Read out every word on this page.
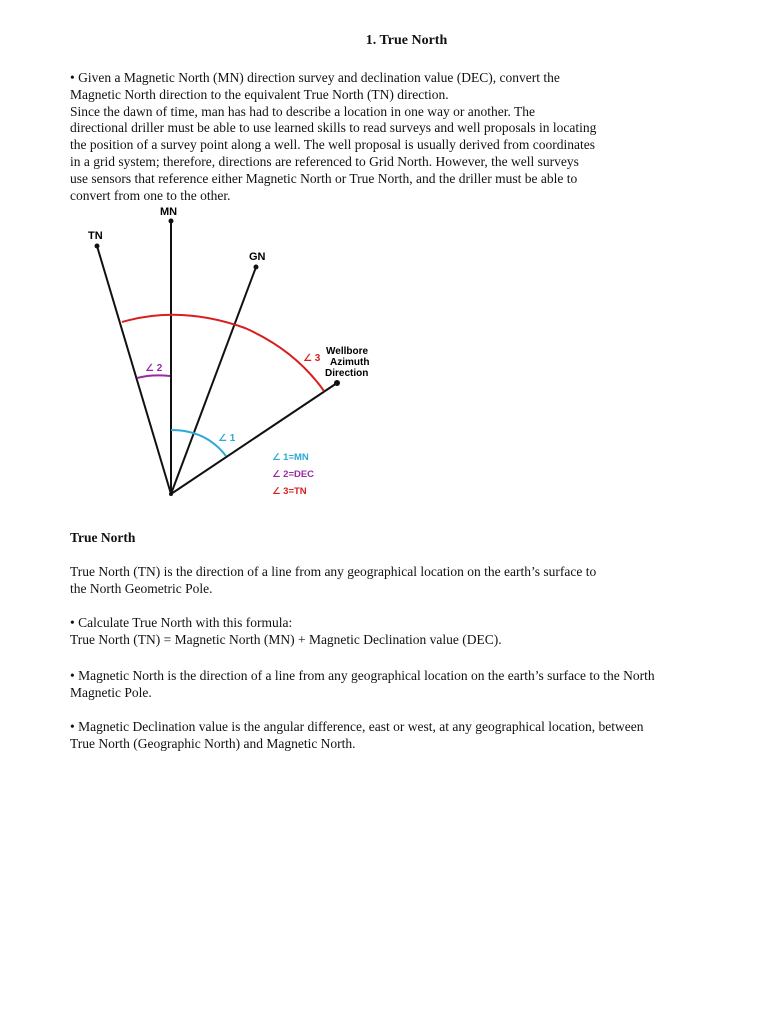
1. True North
• Given a Magnetic North (MN) direction survey and declination value (DEC), convert the
Magnetic North direction to the equivalent True North (TN) direction.
Since the dawn of time, man has had to describe a location in one way or another. The
directional driller must be able to use learned skills to read surveys and well proposals in locating
the position of a survey point along a well. The well proposal is usually derived from coordinates
in a grid system; therefore, directions are referenced to Grid North. However, the well surveys
use sensors that reference either Magnetic North or True North, and the driller must be able to
convert from one to the other.
MN
TN
GN
Wellbore
Azimuth
Direction
∠ 3
∠ 2
∠ 1
∠ 1=MN
∠ 2=DEC
∠ 3=TN
True North
True North (TN) is the direction of a line from any geographical location on the earth’s surface to
the North Geometric Pole.
• Calculate True North with this formula:
True North (TN) = Magnetic North (MN) + Magnetic Declination value (DEC).
• Magnetic North is the direction of a line from any geographical location on the earth’s surface to the North
Magnetic Pole.
• Magnetic Declination value is the angular difference, east or west, at any geographical location, between
True North (Geographic North) and Magnetic North.
